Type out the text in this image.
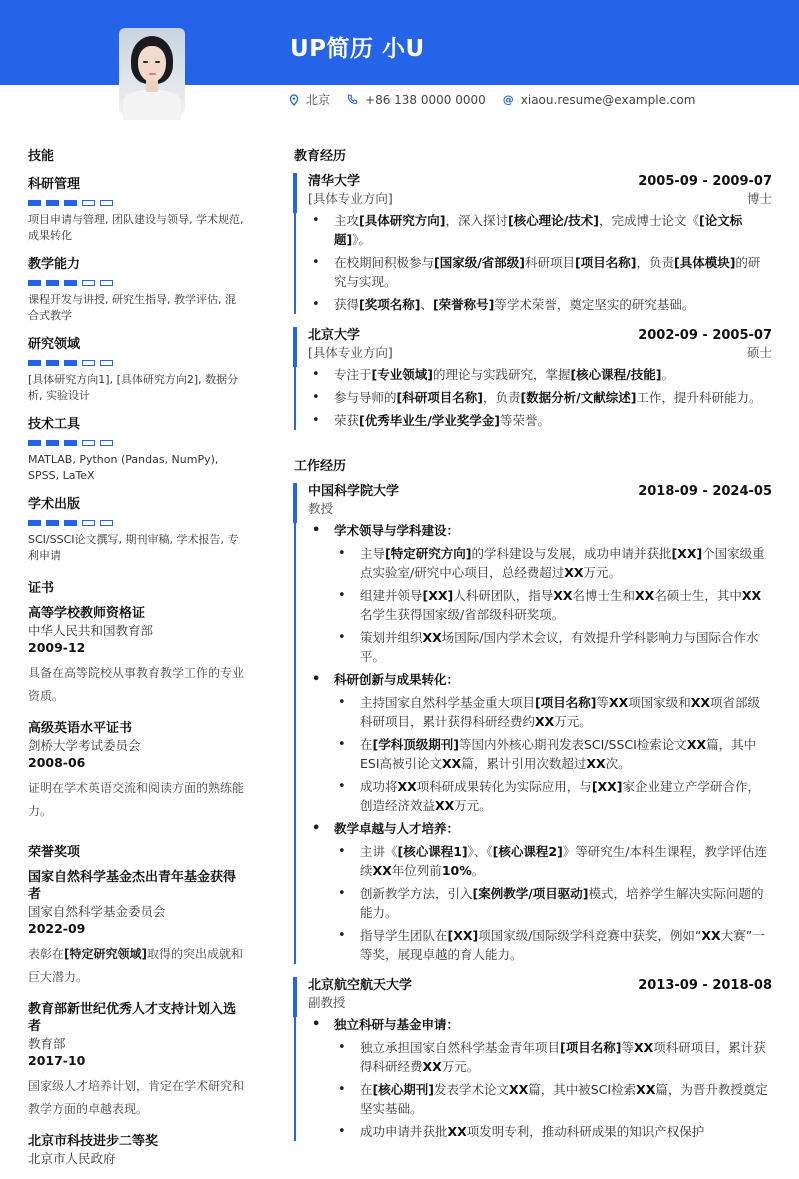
UP简历 小U
北京	+86 138 0000 0000 @ xiaou.resume@example.com
技能
科研管理
项目申请与管理, 团队建设与领导, 学术规范, 成果转化
教学能力
课程开发与讲授, 研究生指导, 教学评估, 混合式教学
研究领域
[具体研究方向1], [具体研究方向2], 数据分析, 实验设计
技术工具
MATLAB, Python (Pandas, NumPy), SPSS, LaTeX
学术出版
SCI/SSCI论文撰写, 期刊审稿, 学术报告, 专利申请
证书
高等学校教师资格证
中华人民共和国教育部
2009-12
具备在高等院校从事教育教学工作的专业资质。
高级英语水平证书
剑桥大学考试委员会
2008-06
证明在学术英语交流和阅读方面的熟练能力。
荣誉奖项
国家自然科学基金杰出青年基金获得者
国家自然科学基金委员会
2022-09
表彰在[特定研究领域]取得的突出成就和巨大潜力。
教育部新世纪优秀人才支持计划入选者
教育部
2017-10
国家级人才培养计划，肯定在学术研究和教学方面的卓越表现。
北京市科技进步二等奖
北京市人民政府
教育经历
清华大学	2005-09 - 2009-07
[具体专业方向]	博士
• 主攻[具体研究方向]，深入探讨[核心理论/技术]，完成博士论文《[论文标题]》。
• 在校期间积极参与[国家级/省部级]科研项目[项目名称]，负责[具体模块]的研究与实现。
• 获得[奖项名称]、[荣誉称号]等学术荣誉，奠定坚实的研究基础。
北京大学	2002-09 - 2005-07
[具体专业方向]	硕士
• 专注于[专业领域]的理论与实践研究，掌握[核心课程/技能]。
• 参与导师的[科研项目名称]，负责[数据分析/文献综述]工作，提升科研能力。
• 荣获[优秀毕业生/学业奖学金]等荣誉。
工作经历
中国科学院大学	2018-09 - 2024-05
教授
• 学术领导与学科建设：
• 主导[特定研究方向]的学科建设与发展，成功申请并获批[XX]个国家级重点实验室/研究中心项目，总经费超过XX万元。
• 组建并领导[XX]人科研团队，指导XX名博士生和XX名硕士生，其中XX名学生获得国家级/省部级科研奖项。
• 策划并组织XX场国际/国内学术会议，有效提升学科影响力与国际合作水平。
• 科研创新与成果转化：
• 主持国家自然科学基金重大项目[项目名称]等XX项国家级和XX项省部级科研项目，累计获得科研经费约XX万元。
• 在[学科顶级期刊]等国内外核心期刊发表SCI/SSCI检索论文XX篇，其中ESI高被引论文XX篇，累计引用次数超过XX次。
• 成功将XX项科研成果转化为实际应用，与[XX]家企业建立产学研合作，创造经济效益XX万元。
• 教学卓越与人才培养：
• 主讲《[核心课程1]》、《[核心课程2]》等研究生/本科生课程，教学评估连续XX年位列前10%。
• 创新教学方法，引入[案例教学/项目驱动]模式，培养学生解决实际问题的能力。
• 指导学生团队在[XX]项国家级/国际级学科竞赛中获奖，例如“XX大赛”一等奖，展现卓越的育人能力。
北京航空航天大学	2013-09 - 2018-08
副教授
• 独立科研与基金申请：
• 独立承担国家自然科学基金青年项目[项目名称]等XX项科研项目，累计获得科研经费XX万元。
• 在[核心期刊]发表学术论文XX篇，其中被SCI检索XX篇，为晋升教授奠定坚实基础。
• 成功申请并获批XX项发明专利，推动科研成果的知识产权保护
